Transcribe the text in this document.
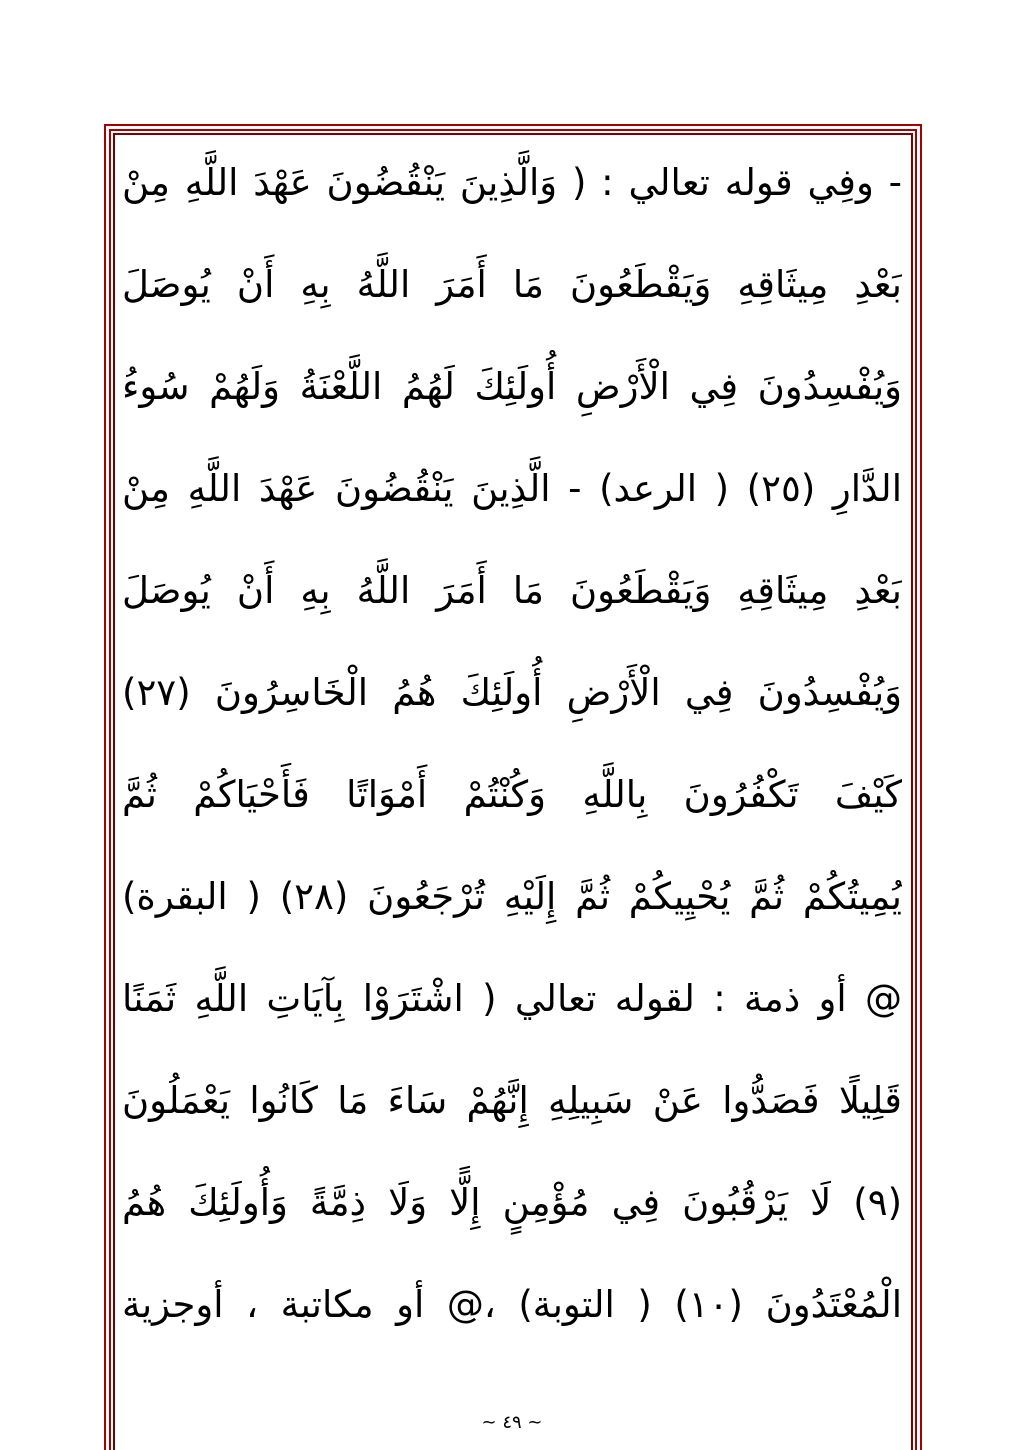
- وفِي قوله تعالي : ( وَالَّذِينَ يَنْقُضُونَ عَهْدَ اللَّهِ مِنْ
بَعْدِ مِيثَاقِهِ وَيَقْطَعُونَ مَا أَمَرَ اللَّهُ بِهِ أَنْ يُوصَلَ
وَيُفْسِدُونَ فِي الْأَرْضِ أُولَئِكَ لَهُمُ اللَّعْنَةُ وَلَهُمْ سُوءُ
الدَّارِ (٢٥) ( الرعد) - الَّذِينَ يَنْقُضُونَ عَهْدَ اللَّهِ مِنْ
بَعْدِ مِيثَاقِهِ وَيَقْطَعُونَ مَا أَمَرَ اللَّهُ بِهِ أَنْ يُوصَلَ
وَيُفْسِدُونَ فِي الْأَرْضِ أُولَئِكَ هُمُ الْخَاسِرُونَ (٢٧)
كَيْفَ تَكْفُرُونَ بِاللَّهِ وَكُنْتُمْ أَمْوَاتًا فَأَحْيَاكُمْ ثُمَّ
يُمِيتُكُمْ ثُمَّ يُحْيِيكُمْ ثُمَّ إِلَيْهِ تُرْجَعُونَ (٢٨) ( البقرة)
@ أو ذمة : لقوله تعالي ( اشْتَرَوْا بِآيَاتِ اللَّهِ ثَمَنًا
قَلِيلًا فَصَدُّوا عَنْ سَبِيلِهِ إِنَّهُمْ سَاءَ مَا كَانُوا يَعْمَلُونَ
(٩) لَا يَرْقُبُونَ فِي مُؤْمِنٍ إِلًّا وَلَا ذِمَّةً وَأُولَئِكَ هُمُ
الْمُعْتَدُونَ (١٠) ( التوبة) ،@ أو مكاتبة ، أوجزية
~ ٤٩ ~
